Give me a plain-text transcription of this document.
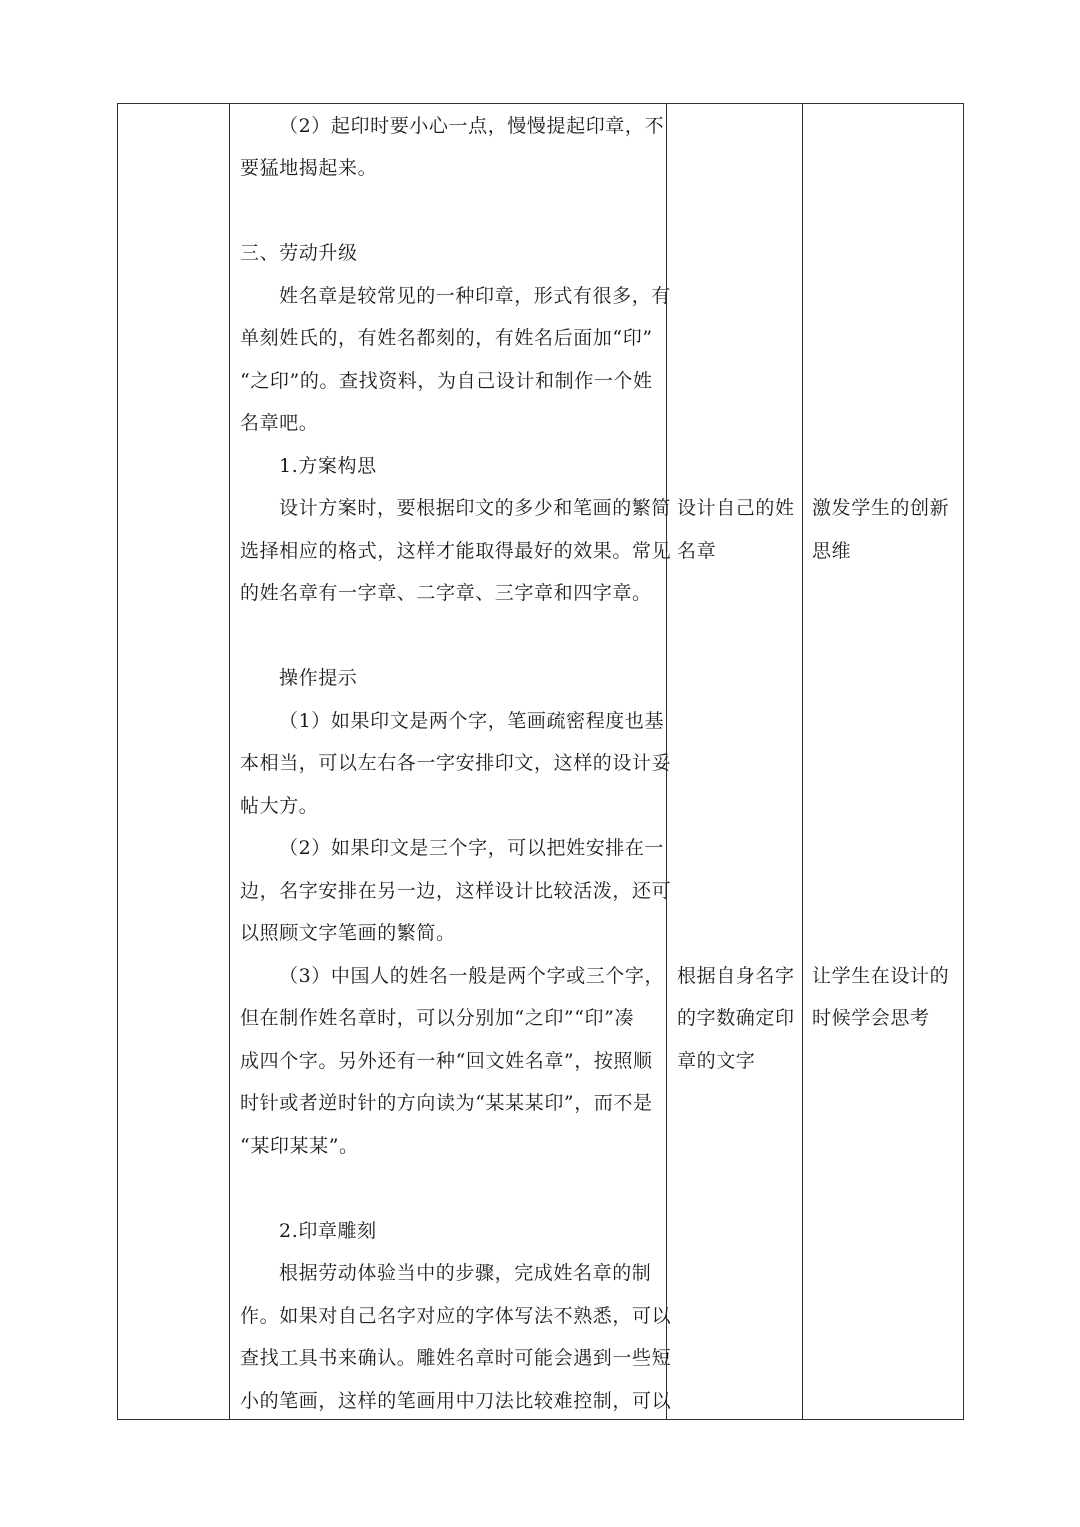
（2）起印时要小心一点，慢慢提起印章，不
要猛地揭起来。
三、劳动升级
姓名章是较常见的一种印章，形式有很多，有
单刻姓氏的，有姓名都刻的，有姓名后面加“印”
“之印”的。查找资料，为自己设计和制作一个姓
名章吧。
1.方案构思
设计方案时，要根据印文的多少和笔画的繁简
选择相应的格式，这样才能取得最好的效果。常见
的姓名章有一字章、二字章、三字章和四字章。
操作提示
（1）如果印文是两个字，笔画疏密程度也基
本相当，可以左右各一字安排印文，这样的设计妥
帖大方。
（2）如果印文是三个字，可以把姓安排在一
边，名字安排在另一边，这样设计比较活泼，还可
以照顾文字笔画的繁简。
（3）中国人的姓名一般是两个字或三个字，
但在制作姓名章时，可以分别加“之印”“印”凑
成四个字。另外还有一种“回文姓名章”，按照顺
时针或者逆时针的方向读为“某某某印”，而不是
“某印某某”。
2.印章雕刻
根据劳动体验当中的步骤，完成姓名章的制
作。如果对自己名字对应的字体写法不熟悉，可以
查找工具书来确认。雕姓名章时可能会遇到一些短
小的笔画，这样的笔画用中刀法比较难控制，可以
设计自己的姓
名章
根据自身名字
的字数确定印
章的文字
激发学生的创新
思维
让学生在设计的
时候学会思考
